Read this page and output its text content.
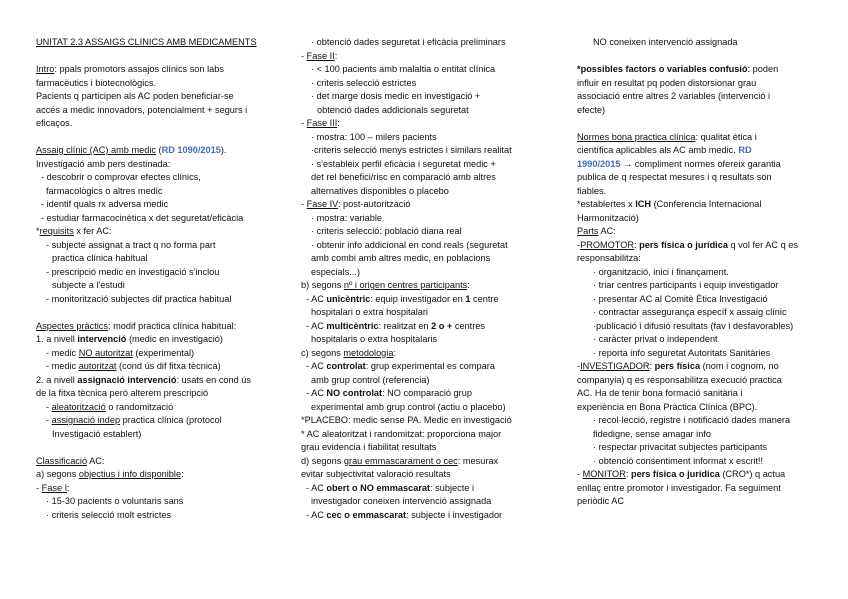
UNITAT 2.3 ASSAIGS CLINICS AMB MEDICAMENTS
Intro: ppals promotors assajos clínics son labs
farmacèutics i biotecnològics.
Pacients q participen als AC poden beneficiar-se
accés a medic innovadors, potencialment + segurs i
eficaços.
Assaig clínic (AC) amb medic (RD 1090/2015).
Investigació amb pers destinada:
- descobrir o comprovar efectes clínics,
farmacològics o altres medic
- identif quals rx adversa medic
- estudiar farmacocinètica x det seguretat/eficàcia
*requisits x fer AC:
- subjecte assignat a tract q no forma part
practica clínica habitual
- prescripció medic en investigació s'inclou
subjecte a l'estudi
- monitorització subjectes dif practica habitual
Aspectes pràctics: modif practica clínica habitual:
1. a nivell intervenció (medic en investigació)
- medic NO autoritzat (experimental)
- medic autoritzat (cond ús dif fitxa tècnica)
2. a nivell assignació intervenció: usats en cond ús
de la fitxa tècnica però alterem prescripció
- aleatorització o randomització
- assignació indep practica clínica (protocol
Investigació establert)
Classificació AC:
a) segons objectius i info disponible:
- Fase I:
· 15-30 pacients o voluntaris sans
· criteris selecció molt estrictes
· obtenció dades seguretat i eficàcia preliminars
- Fase II:
· < 100 pacients amb malaltia o entitat clínica
· criteris selecció estrictes
· det marge dosis medic en investigació +
obtenció dades addicionals seguretat
- Fase III:
· mostra: 100 – milers pacients
·criteris selecció menys estrictes i similars realitat
· s'estableix perfil eficàcia i seguretat medic +
det rel benefici/risc en comparació amb altres
alternatives disponibles o placebo
- Fase IV: post-autorització
· mostra: variable
· criteris selecció: població diana real
· obtenir info addicional en cond reals (seguretat
amb combi amb altres medic, en poblacions
especials...)
b) segons nº i origen centres participants:
- AC unicèntric: equip investigador en 1 centre
hospitalari o extra hospitalari
- AC multicèntric: realitzat en 2 o + centres
hospitalaris o extra hospitalaris
c) segons metodologia:
- AC controlat: grup experimental es compara
amb grup control (referencia)
- AC NO controlat: NO comparació grup
experimental amb grup control (actiu o placebo)
*PLACEBO: medic sense PA. Medic en investigació
* AC aleatoritzat i randomitzat: proporciona major
grau evidencia i fiabilitat resultats
d) segons grau emmascarament o cec: mesurax
evitar subjectivitat valoració resultats
- AC obert o NO emmascarat: subjecte i
investigador coneixen intervenció assignada
- AC cec o emmascarat: subjecte i investigador
NO coneixen intervenció assignada
*possibles factors o variables confusió: poden
influir en resultat pq poden distorsionar grau
associació entre altres 2 variables (intervenció i
efecte)
Normes bona practica clínica: qualitat ètica i
científica aplicables als AC amb medic. RD
1990/2015 → compliment normes ofereix garantia
publica de q respectat mesures i q resultats son
fiables.
*establertes x ICH (Conferencia Internacional
Harmonització)
Parts AC:
-PROMOTOR: pers física o jurídica q vol fer AC q es
responsabilitza:
· organització, inici i finançament.
· triar centres participants i equip investigador
· presentar AC al Comitè Ètica Investigació
· contractar assegurança específ x assaig clínic
·publicació i difusió resultats (fav i desfavorables)
· caràcter privat o independent
· reporta info seguretat Autoritats Sanitàries
-INVESTIGADOR: pers física (nom i cognom, no
companyia) q es responsabilitza execució practica
AC. Ha de tenir bona formació sanitària i
experiència en Bona Pràctica Clínica (BPC).
· recol·lecció, registre i notificació dades manera
fidedigne, sense amagar info
· respectar privacitat subjectes participants
· obtenció consentiment informat x escrit!!
- MONITOR: pers física o jurídica (CRO*) q actua
enllaç entre promotor i investigador. Fa seguiment
periòdic AC
